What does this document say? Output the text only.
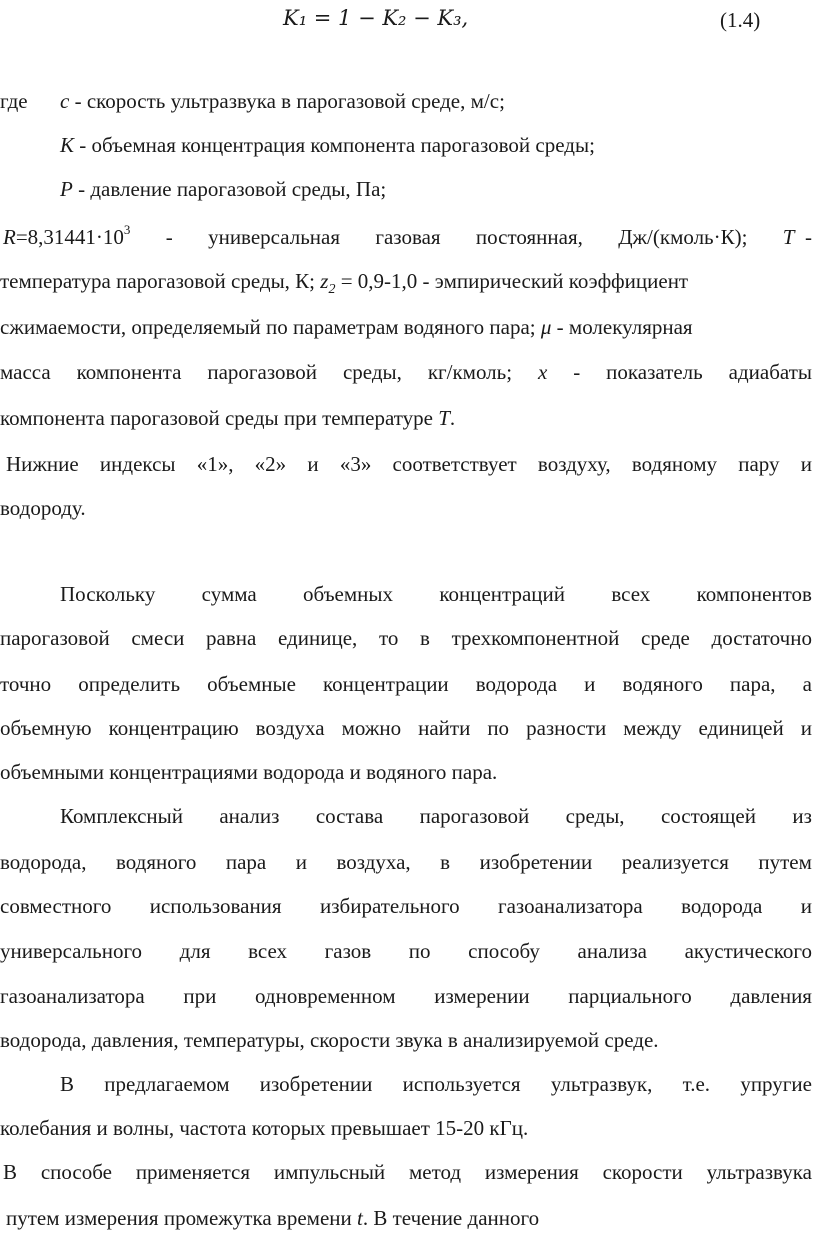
K₁ = 1 − K₂ − K₃,	(1.4)
где c - скорость ультразвука в парогазовой среде, м/с;
K - объемная концентрация компонента парогазовой среды;
P - давление парогазовой среды, Па;
$R=8,31441\cdot 10^3$ - универсальная газовая постоянная, Дж/(кмоль·К); T -
температура парогазовой среды, К; $z_2 = 0,9-1,0$ - эмпирический коэффициент
сжимаемости, определяемый по параметрам водяного пара; μ - молекулярная
масса компонента парогазовой среды, кг/кмоль; x - показатель адиабаты
компонента парогазовой среды при температуре T.
Нижние индексы «1», «2» и «3» соответствует воздуху, водяному пару и
водороду.
Поскольку сумма объемных концентраций всех компонентов
парогазовой смеси равна единице, то в трехкомпонентной среде достаточно
точно определить объемные концентрации водорода и водяного пара, а
объемную концентрацию воздуха можно найти по разности между единицей и
объемными концентрациями водорода и водяного пара.
Комплексный анализ состава парогазовой среды, состоящей из
водорода, водяного пара и воздуха, в изобретении реализуется путем
совместного использования избирательного газоанализатора водорода и
универсального для всех газов по способу анализа акустического
газоанализатора при одновременном измерении парциального давления
водорода, давления, температуры, скорости звука в анализируемой среде.
В предлагаемом изобретении используется ультразвук, т.е. упругие
колебания и волны, частота которых превышает 15-20 кГц.
В способе применяется импульсный метод измерения скорости ультразвука
путем измерения промежутка времени t. В течение данного
